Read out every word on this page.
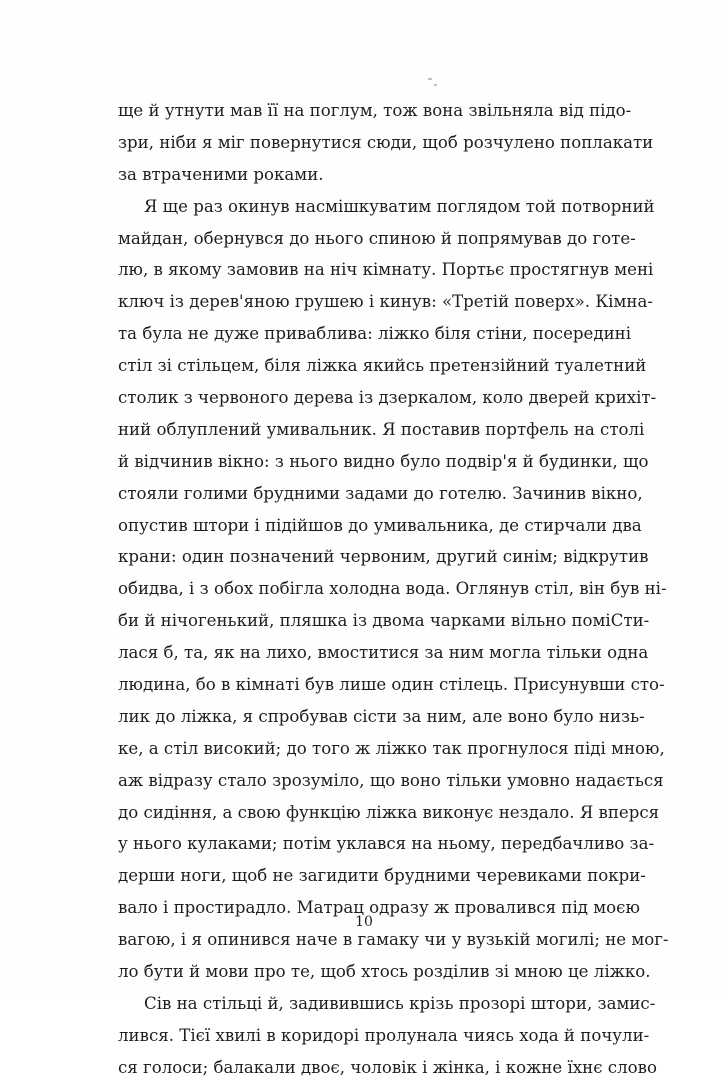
ще й утнути мав її на поглум, тож вона звільняла від підо-
зри, ніби я міг повернутися сюди, щоб розчулено поплакати
за втраченими роками.
Я ще раз окинув насмішкуватим поглядом той потворний
майдан, обернувся до нього спиною й попрямував до готе-
лю, в якому замовив на ніч кімнату. Портьє простягнув мені
ключ із дерев'яною грушею і кинув: «Третій поверх». Кімна-
та була не дуже приваблива: ліжко біля стіни, посередині
стіл зі стільцем, біля ліжка якийсь претензійний туалетний
столик з червоного дерева із дзеркалом, коло дверей крихіт-
ний облуплений умивальник. Я поставив портфель на столі
й відчинив вікно: з нього видно було подвір'я й будинки, що
стояли голими брудними задами до готелю. Зачинив вікно,
опустив штори і підійшов до умивальника, де стирчали два
крани: один позначений червоним, другий синім; відкрутив
обидва, і з обох побігла холодна вода. Оглянув стіл, він був ні-
би й нічогенький, пляшка із двома чарками вільно поміСти-
лася б, та, як на лихо, вмоститися за ним могла тільки одна
людина, бо в кімнаті був лише один стілець. Присунувши сто-
лик до ліжка, я спробував сісти за ним, але воно було низь-
ке, а стіл високий; до того ж ліжко так прогнулося піді мною,
аж відразу стало зрозуміло, що воно тільки умовно надається
до сидіння, а свою функцію ліжка виконує нездало. Я вперся
у нього кулаками; потім уклався на ньому, передбачливо за-
дерши ноги, щоб не загидити брудними черевиками покри-
вало і простирадло. Матрац одразу ж провалився під моєю
вагою, і я опинився наче в гамаку чи у вузькій могилі; не мог-
ло бути й мови про те, щоб хтось розділив зі мною це ліжко.
Сів на стільці й, задивившись крізь прозорі штори, замис-
лився. Тієї хвилі в коридорі пролунала чиясь хода й почули-
ся голоси; балакали двоє, чоловік і жінка, і кожне їхнє слово
10
